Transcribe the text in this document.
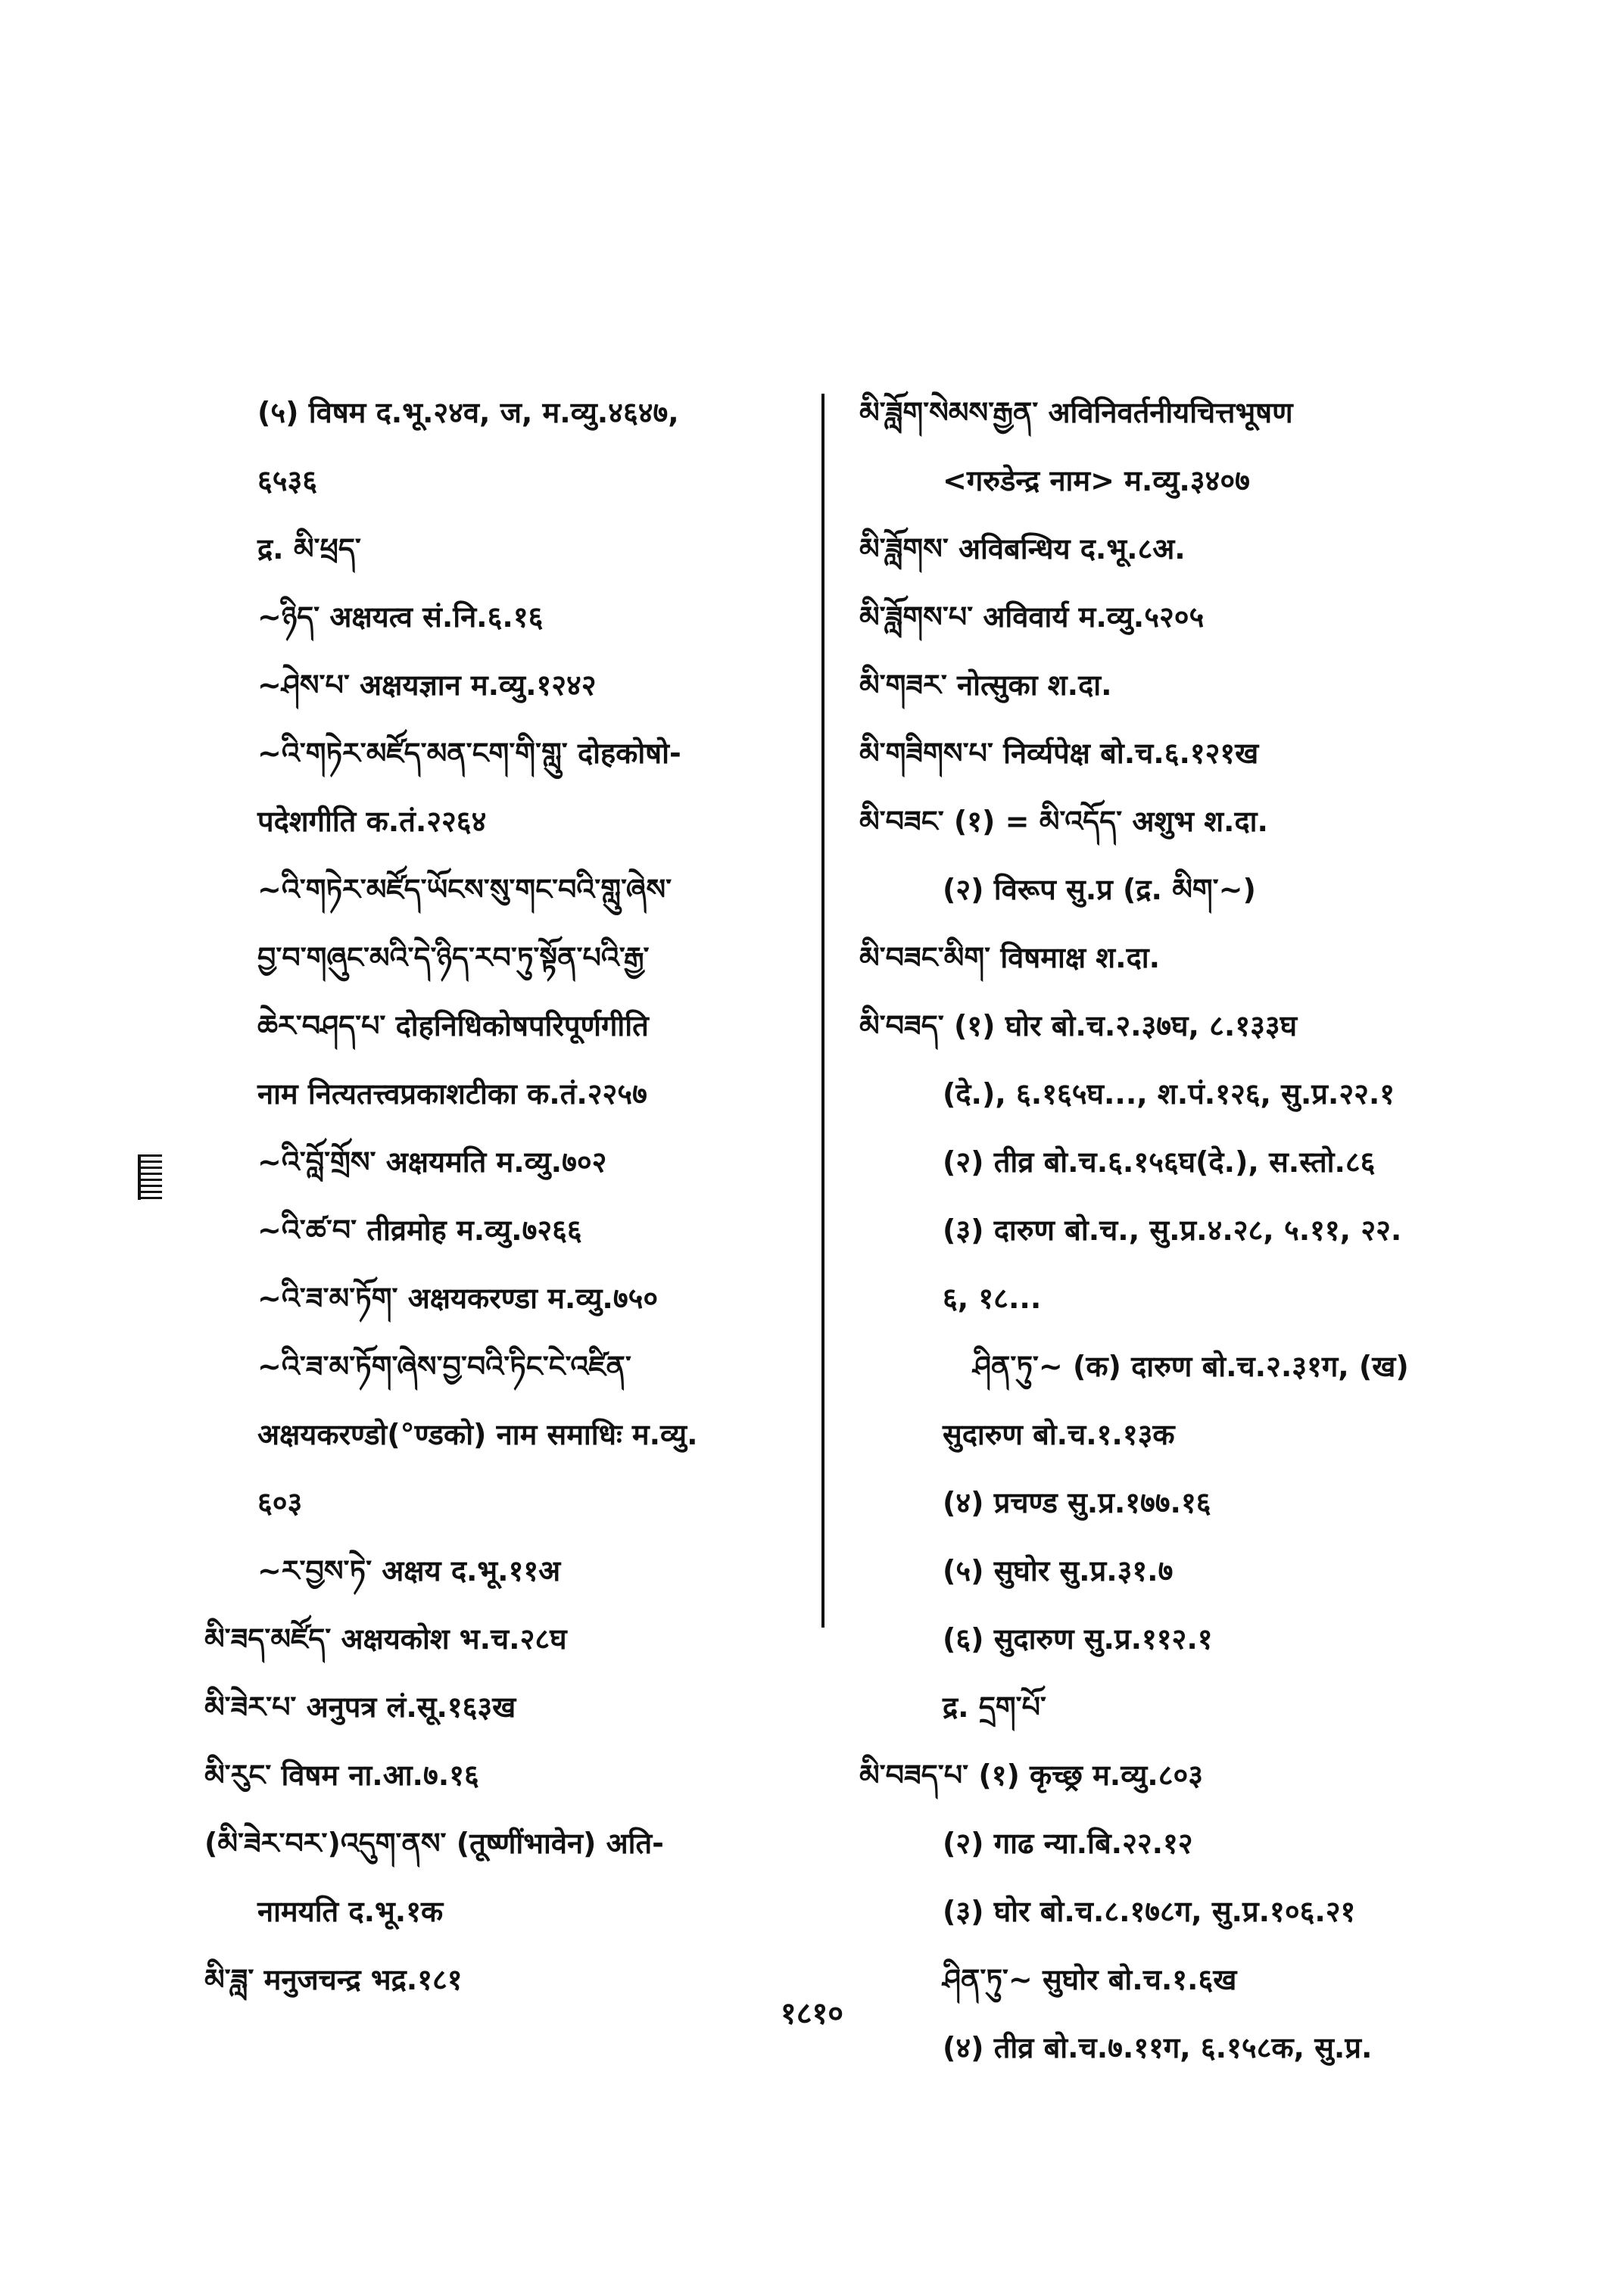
(५) विषम द.भू.२४व, ज, म.व्यु.४६४७,
६५३६
द्र. མི་ཕྲད་
~ཉིད་ अक्षयत्व सं.नि.६.१६
~ཤེས་པ་ अक्षयज्ञान म.व्यु.१२४२
~འི་གཏེར་མཛོད་མན་ངག་གི་གླུ་ दोहकोषो-
पदेशगीति क.तं.२२६४
~འི་གཏེར་མཛོད་ཡོངས་སུ་གང་བའི་གླུ་ཞེས་
བྱ་བ་གཞུང་མའི་དེ་ཉིད་རབ་ཏུ་སྟོན་པའི་རྒྱ་
ཆེར་བཤད་པ་ दोहनिधिकोषपरिपूर्णगीति
नाम नित्यतत्त्वप्रकाशटीका क.तं.२२५७
~འི་བློ་གྲོས་ अक्षयमति म.व्यु.७०२
~འི་ཚ་བ་ तीव्रमोह म.व्यु.७२६६
~འི་ཟ་མ་ཏོག་ अक्षयकरण्डा म.व्यु.७५०
~འི་ཟ་མ་ཏོག་ཞེས་བྱ་བའི་ཏིང་ངེ་འཛིན་
अक्षयकरण्डो(°ण्डको) नाम समाधिः म.व्यु.
६०३
~ར་བྱས་ཏེ་ अक्षय द.भू.११अ
མི་ཟད་མཛོད་ अक्षयकोश भ.च.२८घ
མི་ཟེར་པ་ अनुपत्र लं.सू.१६३ख
མི་རུང་ विषम ना.आ.७.१६
(མི་ཟེར་བར་)འདུག་ནས་ (तूष्णींभावेन) अति-
नामयति द.भू.१क
མི་ཟླ་ मनुजचन्द्र भद्र.१८१
མི་ཟློག་སེམས་རྒྱན་ अविनिवर्तनीयचित्तभूषण
<गरुडेन्द्र नाम> म.व्यु.३४०७
མི་ཟློགས་ अविबन्धिय द.भू.८अ.
མི་ཟློགས་པ་ अविवार्य म.व्यु.५२०५
མི་གཟར་ नोत्सुका श.दा.
མི་གཟིགས་པ་ निर्व्यपेक्ष बो.च.६.१२१ख
མི་བཟང་ (१) = མི་འདོད་ अशुभ श.दा.
(२) विरूप सु.प्र (द्र. མིག་~)
མི་བཟང་མིག་ विषमाक्ष श.दा.
མི་བཟད་ (१) घोर बो.च.२.३७घ, ८.१३३घ
(दे.), ६.१६५घ..., श.पं.१२६, सु.प्र.२२.१
(२) तीव्र बो.च.६.१५६घ(दे.), स.स्तो.८६
(३) दारुण बो.च., सु.प्र.४.२८, ५.११, २२.
६, १८...
ཤིན་ཏུ་~ (क) दारुण बो.च.२.३१ग, (ख)
सुदारुण बो.च.१.१३क
(४) प्रचण्ड सु.प्र.१७७.१६
(५) सुघोर सु.प्र.३१.७
(६) सुदारुण सु.प्र.११२.१
द्र. དྲག་པོ་
མི་བཟད་པ་ (१) कृच्छ्र म.व्यु.८०३
(२) गाढ न्या.बि.२२.१२
(३) घोर बो.च.८.१७८ग, सु.प्र.१०६.२१
ཤིན་ཏུ་~ सुघोर बो.च.१.६ख
(४) तीव्र बो.च.७.११ग, ६.१५८क, सु.प्र.
१८१०
